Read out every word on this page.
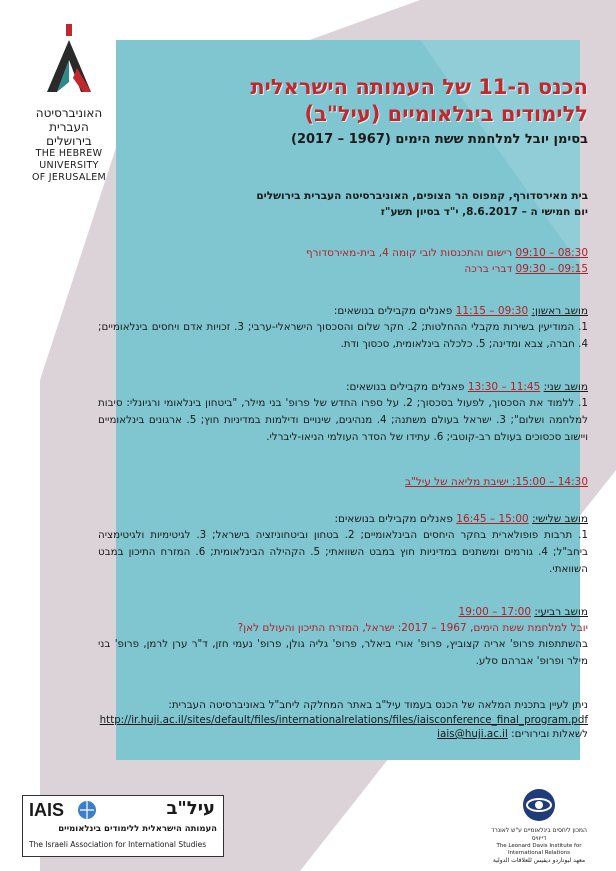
האוניברסיטה
העברית
בירושלים
THE HEBREW
UNIVERSITY
OF JERUSALEM
הכנס ה-11 של העמותה הישראלית
ללימודים בינלאומיים (עיל"ב)
בסימן יובל למלחמת ששת הימים (1967 – 2017)
בית מאירסדורף, קמפוס הר הצופים, האוניברסיטה העברית בירושלים
יום חמישי ה – 8.6.2017, י"ד בסיון תשע"ז
08:30 – 09:10 רישום והתכנסות לובי קומה 4, בית-מאירסדורף
09:15 – 09:30 דברי ברכה
מושב ראשון: 09:30 – 11:15 פאנלים מקבילים בנושאים:
1. המודיעין בשירות מקבלי ההחלטות; 2. חקר שלום והסכסוך הישראלי-ערבי; 3. זכויות אדם ויחסים בינלאומיים; 4. חברה, צבא ומדינה; 5. כלכלה בינלאומית, סכסוך ודת.
מושב שני: 11:45 – 13:30 פאנלים מקבילים בנושאים:
1. ללמוד את הסכסוך, לפעול בסכסוך; 2. על ספרו החדש של פרופ' בני מילר, "ביטחון בינלאומי ורגיונלי: סיבות למלחמה ושלום"; 3. ישראל בעולם משתנה; 4. מנהיגים, שינויים ודילמות במדיניות חוץ; 5. ארגונים בינלאומיים ויישוב סכסוכים בעולם רב-קוטבי; 6. עתידו של הסדר העולמי הניאו-ליברלי.
14:30 – 15:00: ישיבת מליאה של עיל"ב
מושב שלישי: 15:00 – 16:45 פאנלים מקבילים בנושאים:
1. תרבות פופולארית בחקר היחסים הבינלאומיים; 2. בטחון וביטחוניזציה בישראל; 3. לגיטימיות ולגיטימציה ביחב"ל; 4. גורמים ומשתנים במדיניות חוץ במבט השוואתי; 5. הקהילה הבינלאומית; 6. המזרח התיכון במבט השוואתי.
מושב רביעי: 17:00 – 19:00
יובל למלחמת ששת הימים, 1967 – 2017: ישראל, המזרח התיכון והעולם לאן?
בהשתתפות פרופ' אריה קצוביץ, פרופ' אורי ביאלר, פרופ' גליה גולן, פרופ' נעמי חזן, ד"ר ערן לרמן, פרופ' בני מילר ופרופ' אברהם סלע.
ניתן לעיין בתכנית המלאה של הכנס בעמוד עיל"ב באתר המחלקה ליחב"ל באוניברסיטה העברית:
http://ir.huji.ac.il/sites/default/files/internationalrelations/files/iaisconference_final_program.pdf
לשאלות ובירורים: iais@huji.ac.il
IAIS	עיל"ב
העמותה הישראלית ללימודים בינלאומיים
The Israeli Association for International Studies
המכון ליחסים בינלאומיים ע"ש לאונרד דייוויס
The Leonard Davis Institute for International Relations
معهد ليوناردو ديفيس للعلاقات الدولية
